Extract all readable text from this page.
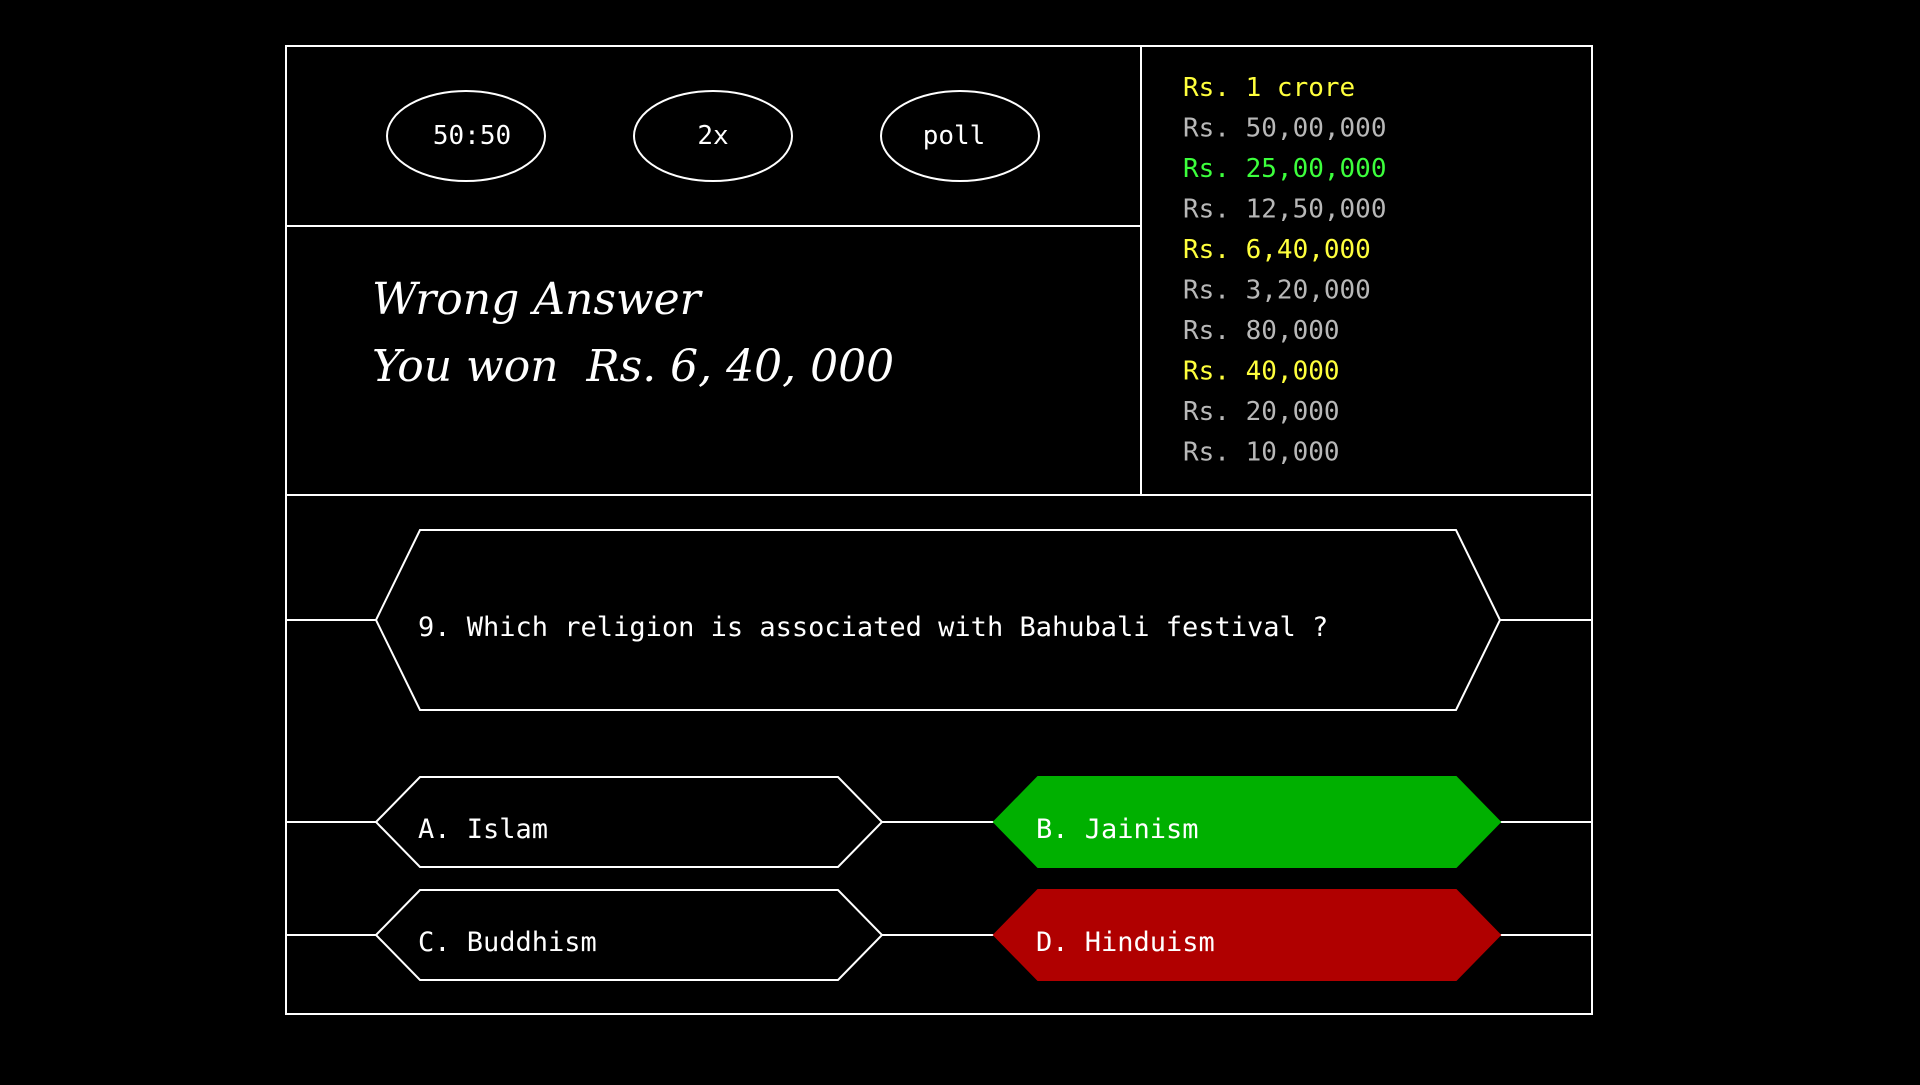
50:50	2x	poll
Wrong Answer
You won  Rs. 6, 40, 000
Rs. 1 crore
Rs. 50,00,000
Rs. 25,00,000
Rs. 12,50,000
Rs. 6,40,000
Rs. 3,20,000
Rs. 80,000
Rs. 40,000
Rs. 20,000
Rs. 10,000
9. Which religion is associated with Bahubali festival ?
A. Islam	B. Jainism
C. Buddhism	D. Hinduism
